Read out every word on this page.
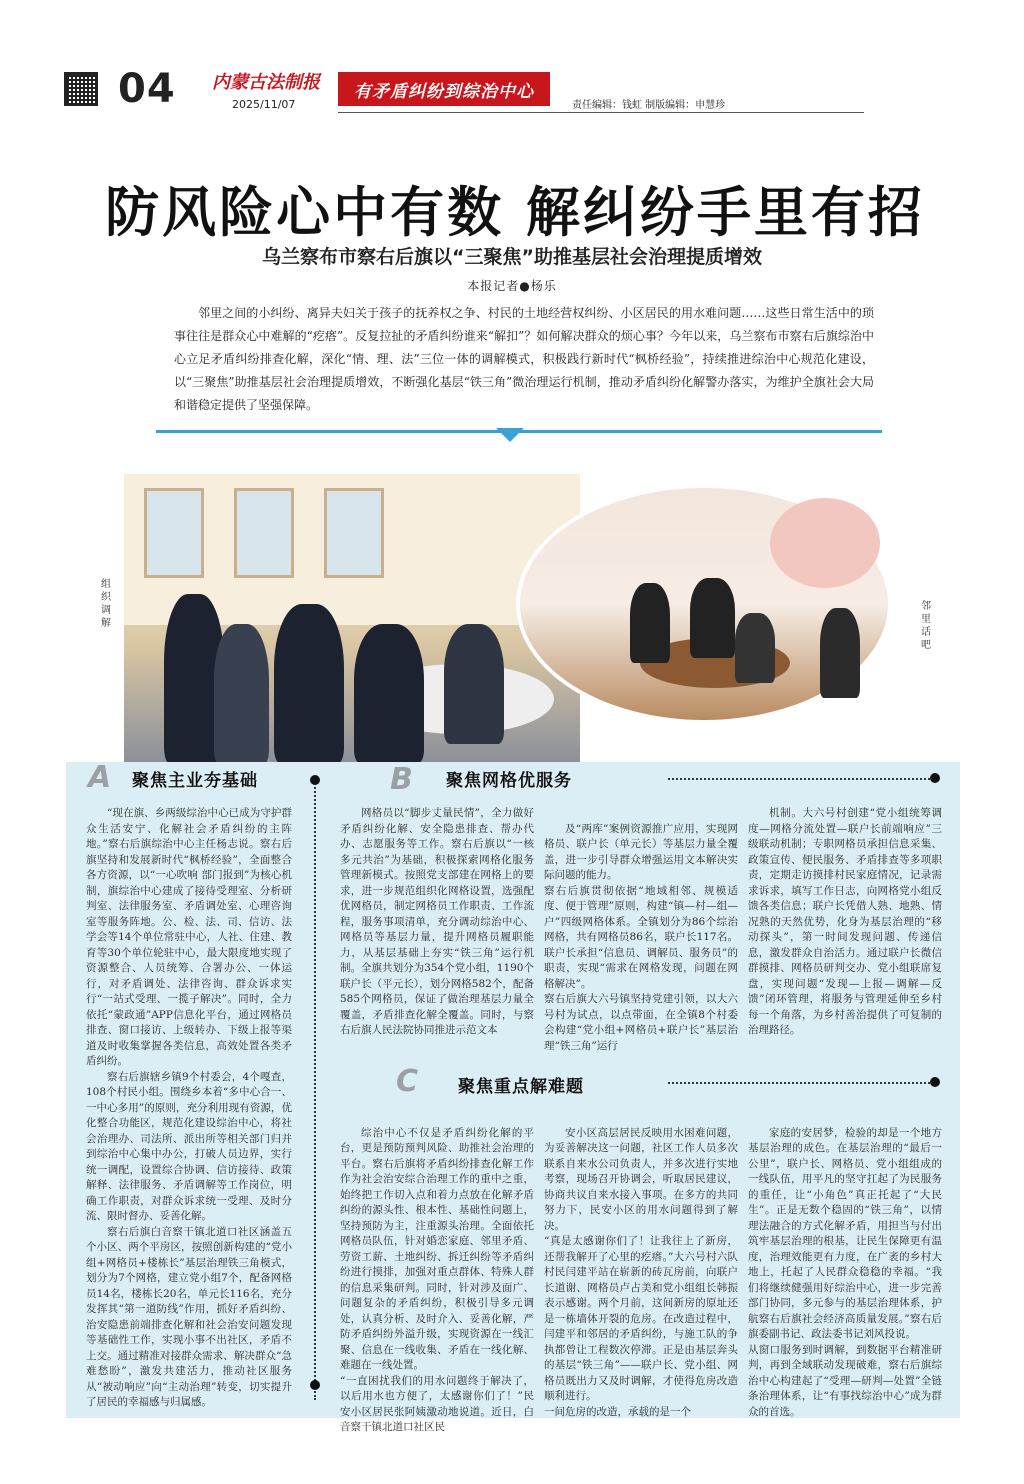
04 内蒙古法制报
2025/11/07
有矛盾纠纷到综治中心
责任编辑：钱虹 制版编辑：申慧珍
防风险心中有数 解纠纷手里有招
乌兰察布市察右后旗以“三聚焦”助推基层社会治理提质增效
本报记者●杨乐
邻里之间的小纠纷、离异夫妇关于孩子的抚养权之争、村民的土地经营权纠纷、小区居民的用水难问题……这些日常生活中的琐事往往是群众心中难解的“疙瘩”。反复拉扯的矛盾纠纷谁来“解扣”？如何解决群众的烦心事？今年以来，乌兰察布市察右后旗综治中心立足矛盾纠纷排查化解，深化“情、理、法”三位一体的调解模式，积极践行新时代“枫桥经验”，持续推进综治中心规范化建设，以“三聚焦”助推基层社会治理提质增效，不断强化基层“铁三角”微治理运行机制，推动矛盾纠纷化解警办落实，为维护全旗社会大局和谐稳定提供了坚强保障。
组织调解
邻里话吧
A 聚焦主业夯基础

“现在旗、乡两级综治中心已成为守护群众生活安宁、化解社会矛盾纠纷的主阵地。”察右后旗综治中心主任杨志说。察右后旗坚持和发展新时代“枫桥经验”，全面整合各方资源，以“一心吹响 部门报到”为核心机制，旗综治中心建成了接待受理室、分析研判室、法律服务室、矛盾调处室、心理咨询室等服务阵地。公、检、法、司、信访、法学会等14个单位常驻中心，人社、住建、教育等30个单位轮驻中心，最大限度地实现了资源整合、人员统筹、合署办公、一体运行，对矛盾调处、法律咨询、群众诉求实行“一站式受理、一揽子解决”。同时，全力依托“蒙政通”APP信息化平台，通过网格员排查、窗口接访、上级转办、下级上报等渠道及时收集掌握各类信息，高效处置各类矛盾纠纷。

察右后旗辖乡镇9个村委会，4个嘎查，108个村民小组。围绕乡本着“多中心合一、一中心多用”的原则，充分利用现有资源，优化整合功能区，规范化建设综治中心，将社会治理办、司法所、派出所等相关部门归并到综治中心集中办公，打破人员边界，实行统一调配，设置综合协调、信访接待、政策解释、法律服务、矛盾调解等工作岗位，明确工作职责，对群众诉求统一受理、及时分流、限时督办、妥善化解。

察右后旗白音察干镇北道口社区涵盖五个小区、两个平房区，按照创新构建的“党小组+网格员+楼栋长”基层治理铁三角模式，划分为7个网格，建立党小组7个，配备网格员14名，楼栋长20名，单元长116名，充分发挥其“第一道防线”作用，抓好矛盾纠纷、治安隐患前端排查化解和社会治安问题发现等基础性工作，实现小事不出社区，矛盾不上交。通过精准对接群众需求、解决群众“急难愁盼”，激发共建活力，推动社区服务从“被动响应”向“主动治理”转变，切实提升了居民的幸福感与归属感。

B 聚焦网格优服务

网格员以“脚步丈量民情”，全力做好矛盾纠纷化解、安全隐患排查、帮办代办、志愿服务等工作。察右后旗以“一核多元共治”为基础，积极探索网格化服务管理新模式。按照党支部建在网格上的要求，进一步规范组织化网格设置，选强配优网格员，制定网格员工作职责、工作流程，服务事项清单，充分调动综治中心、网格员等基层力量，提升网格员履职能力，从基层基础上夯实“铁三角”运行机制。全旗共划分为354个党小组，1190个联户长（平元长），划分网格582个，配备585个网格员，保证了做治理基层力量全覆盖，矛盾排查化解全覆盖。同时，与察右后旗人民法院协同推进示范文本

及“两库”案例资源推广应用，实现网格员、联户长（单元长）等基层力量全覆盖，进一步引导群众增强运用文本解决实际问题的能力。
察右后旗贯彻依据“地域相邻、规模适度、便于管理”原则，构建“镇—村—组—户”四级网格体系。全镇划分为86个综治网格，共有网格员86名，联户长117名。联户长承担“信息员、调解员、服务员”的职责，实现“需求在网格发现，问题在网格解决”。
察右后旗大六号镇坚持党建引领，以大六号村为试点，以点带面，在全镇8个村委会构建“党小组+网格员+联户长”基层治理“铁三角”运行

机制。大六号村创建“党小组统筹调度—网格分流处置—联户长前端响应”三级联动机制；专职网格员承担信息采集、政策宣传、便民服务、矛盾排查等多项职责，定期走访摸排村民家庭情况，记录需求诉求，填写工作日志，向网格党小组反馈各类信息；联户长凭借人熟、地熟、情况熟的天然优势，化身为基层治理的“移动探头”，第一时间发现问题、传递信息，激发群众自治活力。通过联户长微信群摸排、网格员研判交办、党小组联席复盘，实现问题“发现—上报—调解—反馈”闭环管理，将服务与管理延伸至乡村每一个角落，为乡村善治提供了可复制的治理路径。

C 聚焦重点解难题

综治中心不仅是矛盾纠纷化解的平台，更是预防预判风险、助推社会治理的平台。察右后旗将矛盾纠纷排查化解工作作为社会治安综合治理工作的重中之重，始终把工作切入点和着力点放在化解矛盾纠纷的源头性、根本性、基础性问题上，坚持预防为主，注重源头治理。全面依托网格员队伍，针对婚恋家庭、邻里矛盾、劳资工薪、土地纠纷、拆迁纠纷等矛盾纠纷进行摸排，加强对重点群体、特殊人群的信息采集研判。同时，针对涉及面广、问题复杂的矛盾纠纷，积极引导多元调处，认真分析、及时介入、妥善化解，严防矛盾纠纷外溢升级，实现资源在一线汇聚、信息在一线收集、矛盾在一线化解、难题在一线处置。
“一直困扰我们的用水问题终于解决了，以后用水也方便了，太感谢你们了！”民安小区居民张阿姨激动地说道。近日，白音察干镇北道口社区民

安小区高层居民反映用水困难问题，为妥善解决这一问题，社区工作人员多次联系自来水公司负责人，并多次进行实地考察，现场召开协调会，听取居民建议，协商共议自来水接入事项。在多方的共同努力下，民安小区的用水问题得到了解决。
“真是太感谢你们了！让我往上了新房，还帮我解开了心里的疙瘩。”大六号村六队村民闫建平站在崭新的砖瓦房前，向联户长道谢、网格员卢占美和党小组组长韩振表示感谢。两个月前，这间新房的原址还是一栋墙体开裂的危房。在改造过程中，闫建平和邻居的矛盾纠纷，与施工队的争执都曾让工程数次停滞。正是由基层奔头的基层“铁三角”——联户长、党小组、网格员既出力又及时调解，才使得危房改造顺利进行。
一间危房的改造，承载的是一个

家庭的安居梦，检验的却是一个地方基层治理的成色。在基层治理的“最后一公里”，联户长、网格员、党小组组成的一线队伍，用平凡的坚守扛起了为民服务的重任，让“小角色”真正托起了“大民生”。正是无数个稳固的“铁三角”，以情理法融合的方式化解矛盾，用担当与付出筑牢基层治理的根基，让民生保障更有温度，治理效能更有力度，在广袤的乡村大地上，托起了人民群众稳稳的幸福。“我们将继续健强用好综治中心，进一步完善部门协同，多元参与的基层治理体系，护航察右后旗社会经济高质量发展。”察右后旗委副书记、政法委书记刘风投说。
从窗口服务到时调解，到数据平台精准研判，再到全域联动发现破难，察右后旗综治中心构建起了“受理—研判—处置”全链条治理体系，让“有事找综治中心”成为群众的首选。
